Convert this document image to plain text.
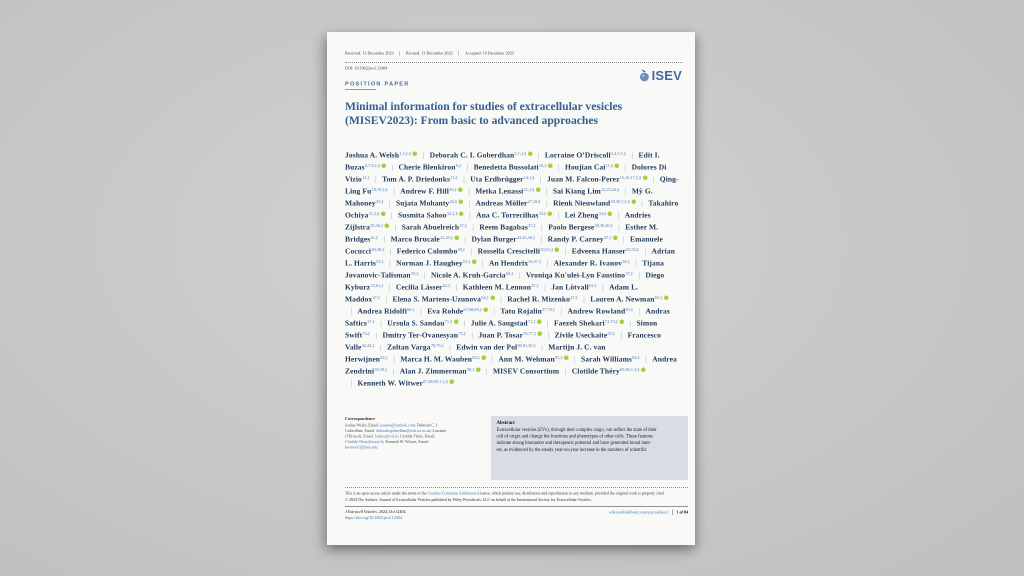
Received: 13 December 2023 Revised: 13 December 2023 Accepted: 19 December 2023
DOI: 10.1002/jev2.12404
POSITION PAPER
ISEV
Minimal information for studies of extracellular vesicles
(MISEV2023): From basic to advanced approaches
Joshua A. Welsh$^{1,\dagger,\ddagger,\S}$ | Deborah C. I. Goberdhan$^{2,\dagger,\ddagger,\S}$ | Lorraine O’Driscoll$^{3,4,5,\dagger,\ddagger}$ | Edit I. Buzas$^{6,7,8,\ddagger,\S}$ | Cherie Blenkiron$^{9,\ddagger}$ | Benedetta Bussolati$^{10,\ddagger}$ | Houjian Cai$^{11,\S}$ | Dolores Di Vizio$^{12,\ddagger}$ | Tom A. P. Driedonks$^{13,\ddagger}$ | Uta Erdbrügger$^{14,\ddagger,\S}$ | Juan M. Falcon-Perez$^{15,16,17,\ddagger,\S}$ | Qing-Ling $Fu^{18,19,\ddagger,\S}$ | Andrew F. Hill$^{20,\ddagger}$ | Metka Lenassi$^{21,\ddagger,\S}$ | Sai Kiang Lim$^{22,23,24,\S}$ | Mỹ G. Mahoney$^{25,\S}$ | Sujata Mohanty$^{26,\S}$ | Andreas Möller$^{27,28,\S}$ | Rienk Nieuwland$^{29,30,\dagger,\ddagger,\S}$ | Takahiro Ochiya$^{31,\ddagger,\S}$ | Susmita Sahoo$^{32,\ddagger,\S}$ | Ana C. Torrecilhas$^{33,\S}$ | Lei Zheng$^{34,\S}$ | Andries Zijlstra$^{35,36,\ddagger}$ | Sarah Abuelreich$^{37,\ddagger}$ | Reem Bagabas$^{37,\ddagger}$ | Paolo Bergese$^{38,39,40,\ddagger}$ | Esther M. Bridges$^{41,\ddagger}$ | Marco Brucale$^{42,43,\ddagger}$ | Dylan Burger$^{44,45,46,\ddagger}$ | Randy P. Carney$^{47,\ddagger}$ | Emanuele Cocucci$^{48,49,\ddagger}$ | Federico Colombo$^{48,\ddagger}$ | Rossella Crescitelli$^{50,51,\ddagger}$ | Edveena Hanser$^{52,53,\ddagger}$ | Adrian L. Harris$^{54,\ddagger}$ | Norman J. Haughey$^{55,\ddagger}$ | An Hendrix$^{56,57,\ddagger}$ | Alexander R. Ivanov$^{58,\ddagger}$ | Tijana Jovanovic-Talisman$^{59,\ddagger}$ | Nicole A. Kruh-Garcia$^{60,\ddagger}$ | Vroniqa Ku'ulei-Lyn Faustino$^{37,\ddagger}$ | Diego Kyburz$^{53,61,\ddagger}$ | Cecilia Lässer$^{62,\ddagger}$ | Kathleen M. Lennon$^{37,\ddagger}$ | Jan Lötvall$^{63,\ddagger}$ | Adam L. Maddox$^{37,\ddagger}$ | Elena S. Martens-Uzunova$^{64,\ddagger}$ | Rachel R. Mizenko$^{47,\ddagger}$ | Lauren A. Newman$^{65,\ddagger}$| Andrea Ridolfi$^{66,\ddagger}$ | Eva Rohde$^{67,68,69,\ddagger}$ | Tatu Rojalin$^{47,70,\ddagger}$ | Andrew Rowland$^{65,\ddagger}$ | Andras Saftics$^{37,\ddagger}$ | Ursula S. Sandau$^{71,\ddagger}$ | Julie A. Saugstad$^{71,\ddagger}$ | Faezeh Shekari$^{72,73,\ddagger}$ | Simon Swift$^{74,\ddagger}$ | Dmitry Ter-Ovanesyan$^{75,\ddagger}$ | Juan P. Tosar$^{76,77,\ddagger}$ | Zivile Useckaite$^{65,\ddagger}$ | Francesco Valle$^{42,43,\ddagger}$ | Zoltan Varga$^{78,79,\ddagger}$ | Edwin van der Pol$^{80,81,30,\ddagger}$ | Martijn J. C. van Herwijnen$^{82,\ddagger}$ | Marca H. M. Wauben$^{82,\ddagger}$ | Ann M. Wehman$^{83,\ddagger}$ | Sarah Williams$^{84,\ddagger}$ | Andrea Zendrini$^{38,39,\ddagger}$ | Alan J. Zimmerman$^{58,\ddagger}$ | MISEV Consortium | Clotilde Théry$^{85,86,\dagger,\ddagger,\S}$| Kenneth W. Witwer$^{87,88,89,\dagger,\ddagger,\S}$
Correspondence
Joshua Welsh, Email: joadwe@outlook.com; Deborah C. I. Goberdhan, Email: deborah.goberdhan@wrh.ox.ac.uk; Lorraine O'Driscoll, Email: lodrisc@tcd.ie; Clotilde Théry, Email: Clotilde.Thery@curie.fr; Kenneth W. Witwer, Email: kwitwer1@jhmi.edu
Abstract
Extracellular vesicles (EVs), through their complex cargo, can reflect the state of their
cell of origin and change the functions and phenotypes of other cells. These features
indicate strong biomarker and therapeutic potential and have generated broad inter-
est, as evidenced by the steady year-on-year increase in the numbers of scientific
This is an open access article under the terms of the Creative Commons Attribution License, which permits use, distribution and reproduction in any medium, provided the original work is properly cited.
© 2024 The Authors. Journal of Extracellular Vesicles published by Wiley Periodicals, LLC on behalf of the International Society for Extracellular Vesicles.
J Extracell Vesicles. 2024;13:e12404.
https://doi.org/10.1002/jev2.12404
wileyonlinelibrary.com/journal/jev2 1 of 84
